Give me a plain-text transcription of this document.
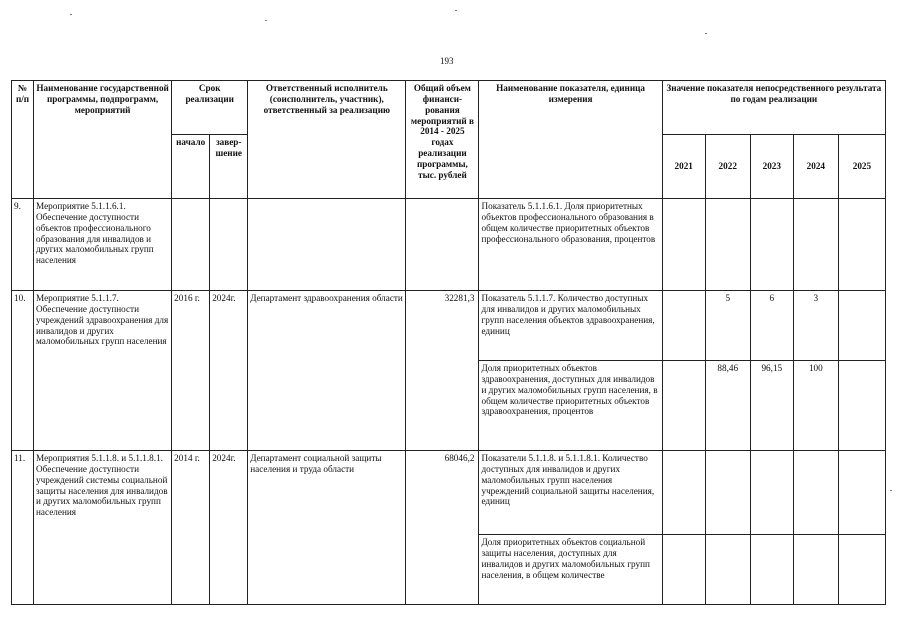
193
№ п/п	Наименование государственной программы, подпрограмм, мероприятий	Срок реализации		Ответственный исполнитель (соисполнитель, участник), ответственный за реализацию	Общий объем финанси-рования мероприятий в 2014 - 2025 годах реализации программы, тыс. рублей	Наименование показателя, единица измерения	Значение показателя непосредственного результата по годам реализации				
		начало	завер-шение				2021	2022	2023	2024	2025
9.	Мероприятие 5.1.1.6.1. Обеспечение доступности объектов профессионального образования для инвалидов и других маломобильных групп населения					Показатель 5.1.1.6.1. Доля приоритетных объектов профессионального образования в общем количестве приоритетных объектов профессионального образования, процентов					
10.	Мероприятие 5.1.1.7. Обеспечение доступности учреждений здравоохранения для инвалидов и других маломобильных групп населения	2016 г.	2024г.	Департамент здравоохранения области	32281,3	Показатель 5.1.1.7. Количество доступных для инвалидов и других маломобильных групп населения объектов здравоохранения, единиц		5	6	3	
						Доля приоритетных объектов здравоохранения, доступных для инвалидов и других маломобильных групп населения, в общем количестве приоритетных объектов здравоохранения, процентов		88,46	96,15	100	
11.	Мероприятия 5.1.1.8. и 5.1.1.8.1. Обеспечение доступности учреждений системы социальной защиты населения для инвалидов и других маломобильных групп населения	2014 г.	2024г.	Департамент социальной защиты населения и труда области	68046,2	Показатели 5.1.1.8. и 5.1.1.8.1. Количество доступных для инвалидов и других маломобильных групп населения учреждений социальной защиты населения, единиц					
						Доля приоритетных объектов социальной защиты населения, доступных для инвалидов и других маломобильных групп населения, в общем количестве					
